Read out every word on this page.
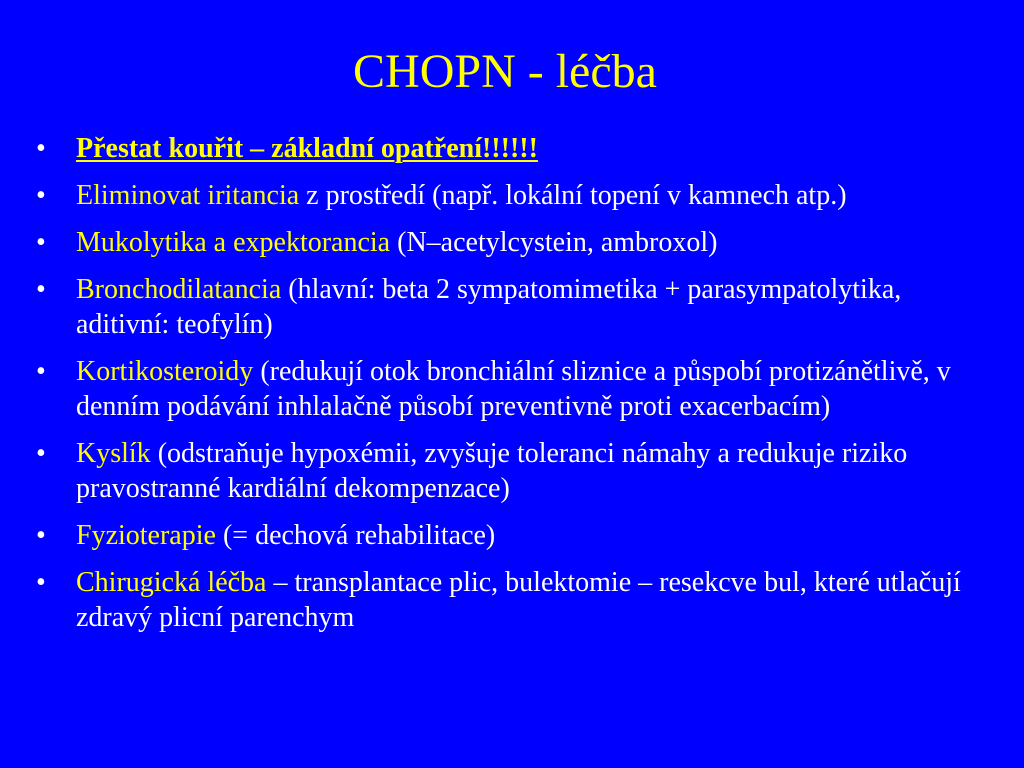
CHOPN - léčba
• Přestat kouřit – základní opatření!!!!!!
• Eliminovat iritancia z prostředí (např. lokální topení v kamnech atp.)
• Mukolytika a expektorancia (N–acetylcystein, ambroxol)
• Bronchodilatancia (hlavní: beta 2 sympatomimetika + parasympatolytika, aditivní: teofylín)
• Kortikosteroidy (redukují otok bronchiální sliznice a půspobí protizánětlivě, v denním podávání inhlalačně působí preventivně proti exacerbacím)
• Kyslík (odstraňuje hypoxémii, zvyšuje toleranci námahy a redukuje riziko pravostranné kardiální dekompenzace)
• Fyzioterapie (= dechová rehabilitace)
• Chirugická léčba – transplantace plic, bulektomie – resekcve bul, které utlačují zdravý plicní parenchym
